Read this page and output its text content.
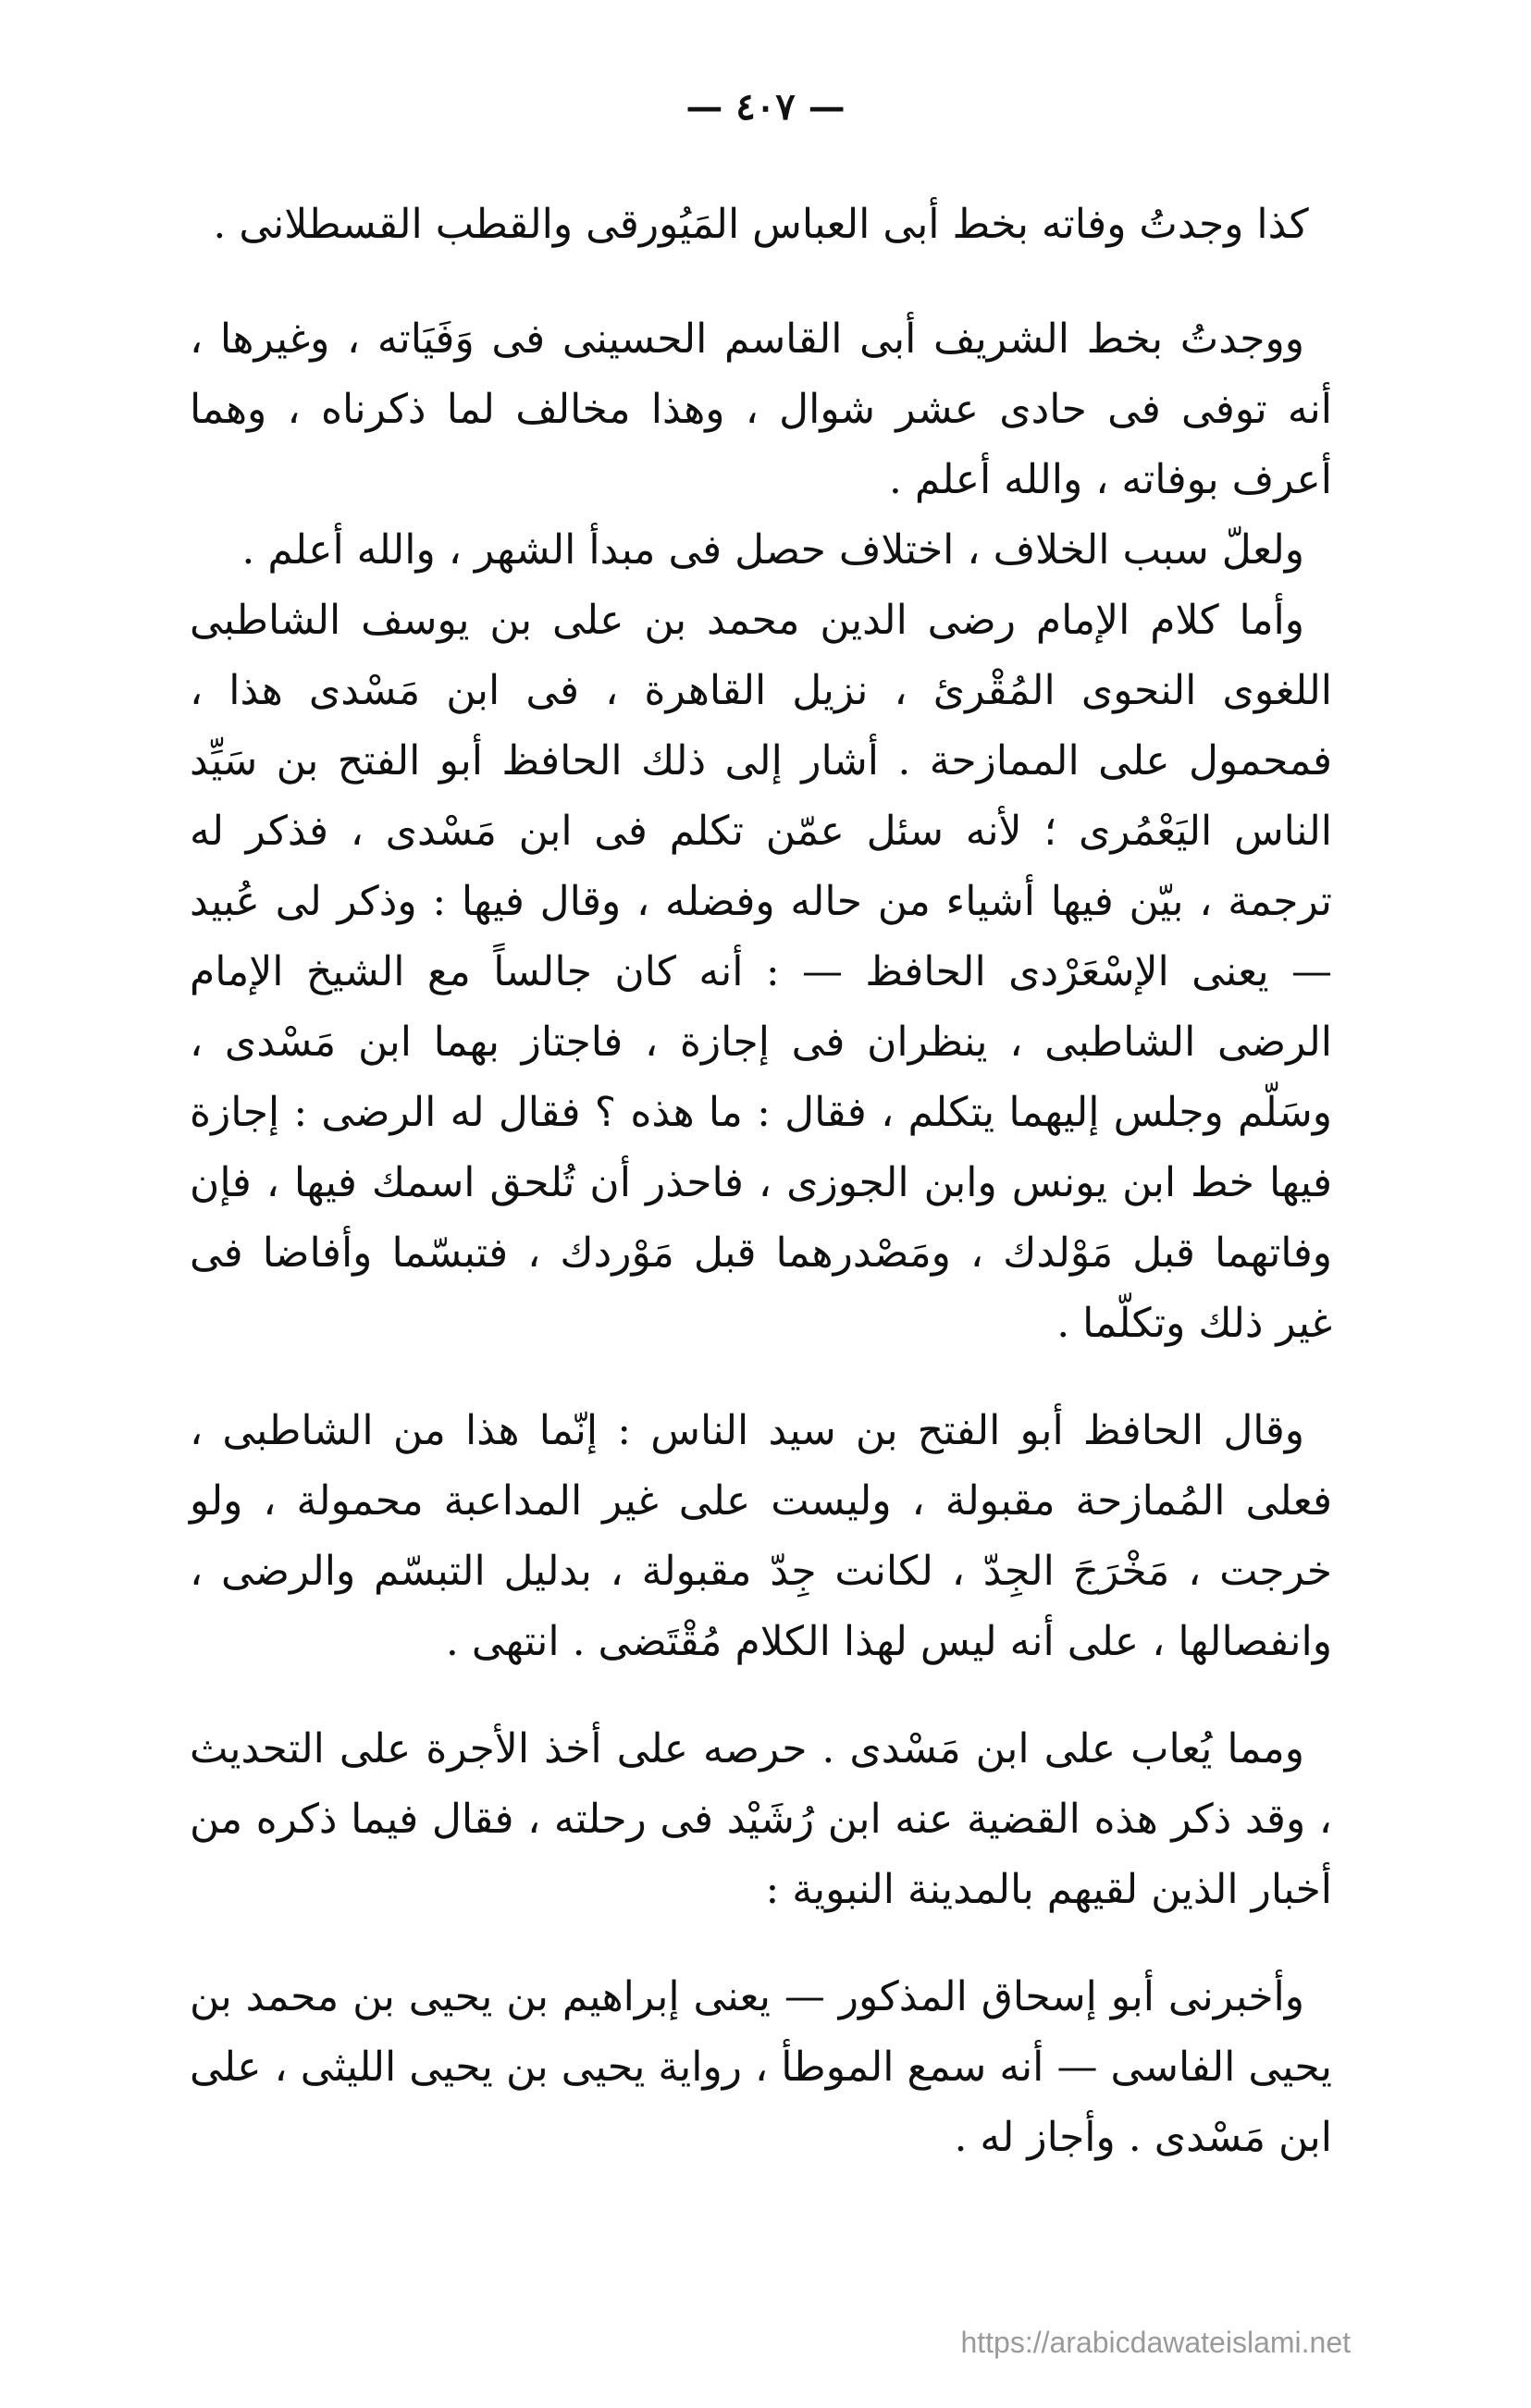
— ٤٠٧ —

كذا وجدتُ وفاته بخط أبى العباس المَيُورقى والقطب القسطلانى .

ووجدتُ بخط الشريف أبى القاسم الحسينى فى وَفَيَاته ، وغيرها ، أنه توفى فى حادى عشر شوال ، وهذا مخالف لما ذكرناه ، وهما أعرف بوفاته ، والله أعلم .

ولعلّ سبب الخلاف ، اختلاف حصل فى مبدأ الشهر ، والله أعلم .

وأما كلام الإمام رضى الدين محمد بن على بن يوسف الشاطبى اللغوى النحوى المُقْرئ ، نزيل القاهرة ، فى ابن مَسْدى هذا ، فمحمول على الممازحة . أشار إلى ذلك الحافظ أبو الفتح بن سَيِّد الناس اليَعْمُرى ؛ لأنه سئل عمّن تكلم فى ابن مَسْدى ، فذكر له ترجمة ، بيّن فيها أشياء من حاله وفضله ، وقال فيها : وذكر لى عُبيد — يعنى الإسْعَرْدى الحافظ — : أنه كان جالساً مع الشيخ الإمام الرضى الشاطبى ، ينظران فى إجازة ، فاجتاز بهما ابن مَسْدى ، وسَلّم وجلس إليهما يتكلم ، فقال : ما هذه ؟ فقال له الرضى : إجازة فيها خط ابن يونس وابن الجوزى ، فاحذر أن تُلحق اسمك فيها ، فإن وفاتهما قبل مَوْلدك ، ومَصْدرهما قبل مَوْردك ، فتبسّما وأفاضا فى غير ذلك وتكلّما .

وقال الحافظ أبو الفتح بن سيد الناس : إنّما هذا من الشاطبى ، فعلى المُمازحة مقبولة ، وليست على غير المداعبة محمولة ، ولو خرجت ، مَخْرَجَ الجِدّ ، لكانت جِدّ مقبولة ، بدليل التبسّم والرضى ، وانفصالها ، على أنه ليس لهذا الكلام مُقْتَضى . انتهى .

ومما يُعاب على ابن مَسْدى . حرصه على أخذ الأجرة على التحديث ، وقد ذكر هذه القضية عنه ابن رُشَيْد فى رحلته ، فقال فيما ذكره من أخبار الذين لقيهم بالمدينة النبوية :

وأخبرنى أبو إسحاق المذكور — يعنى إبراهيم بن يحيى بن محمد بن يحيى الفاسى — أنه سمع الموطأ ، رواية يحيى بن يحيى الليثى ، على ابن مَسْدى . وأجاز له .

https://arabicdawateislami.net
